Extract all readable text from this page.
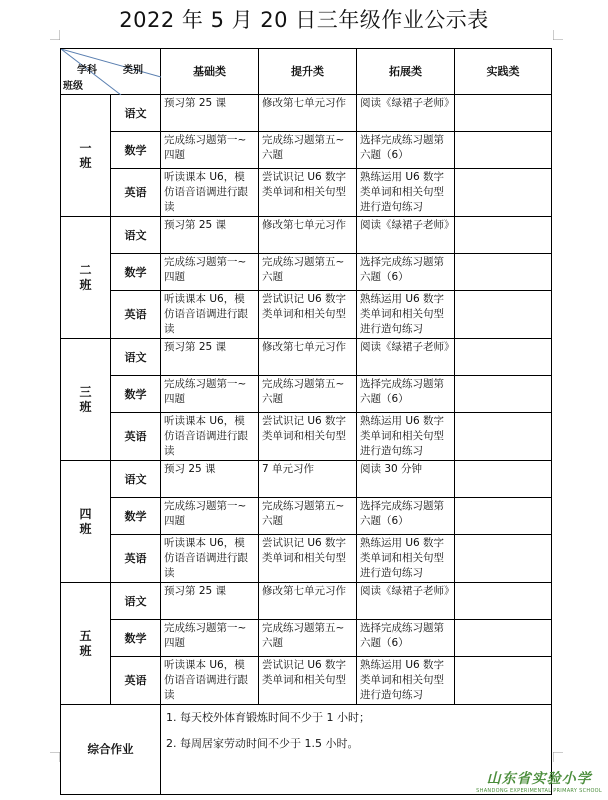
2022 年 5 月 20 日三年级作业公示表
类别
学科
班级		基础类	提升类	拓展类	实践类

一
班	语文	预习第 25 课	修改第七单元习作	阅读《绿裙子老师》	
	数学	完成练习题第一~四题	完成练习题第五~六题	选择完成练习题第六题（6）	
	英语	听读课本 U6，模仿语音语调进行跟读	尝试识记 U6 数字类单词和相关句型	熟练运用 U6 数字类单词和相关句型进行造句练习	

二
班	语文	预习第 25 课	修改第七单元习作	阅读《绿裙子老师》	
	数学	完成练习题第一~四题	完成练习题第五~六题	选择完成练习题第六题（6）	
	英语	听读课本 U6，模仿语音语调进行跟读	尝试识记 U6 数字类单词和相关句型	熟练运用 U6 数字类单词和相关句型进行造句练习	

三
班	语文	预习第 25 课	修改第七单元习作	阅读《绿裙子老师》	
	数学	完成练习题第一~四题	完成练习题第五~六题	选择完成练习题第六题（6）	
	英语	听读课本 U6，模仿语音语调进行跟读	尝试识记 U6 数字类单词和相关句型	熟练运用 U6 数字类单词和相关句型进行造句练习	

四
班	语文	预习 25 课	7 单元习作	阅读 30 分钟	
	数学	完成练习题第一~四题	完成练习题第五~六题	选择完成练习题第六题（6）	
	英语	听读课本 U6，模仿语音语调进行跟读	尝试识记 U6 数字类单词和相关句型	熟练运用 U6 数字类单词和相关句型进行造句练习	

五
班	语文	预习第 25 课	修改第七单元习作	阅读《绿裙子老师》	
	数学	完成练习题第一~四题	完成练习题第五~六题	选择完成练习题第六题（6）	
	英语	听读课本 U6，模仿语音语调进行跟读	尝试识记 U6 数字类单词和相关句型	熟练运用 U6 数字类单词和相关句型进行造句练习	
综合作业		1. 每天校外体育锻炼时间不少于 1 小时；

2. 每周居家劳动时间不少于 1.5 小时。			

山东省实验小学
SHANDONG EXPERIMENTAL PRIMARY SCHOOL
